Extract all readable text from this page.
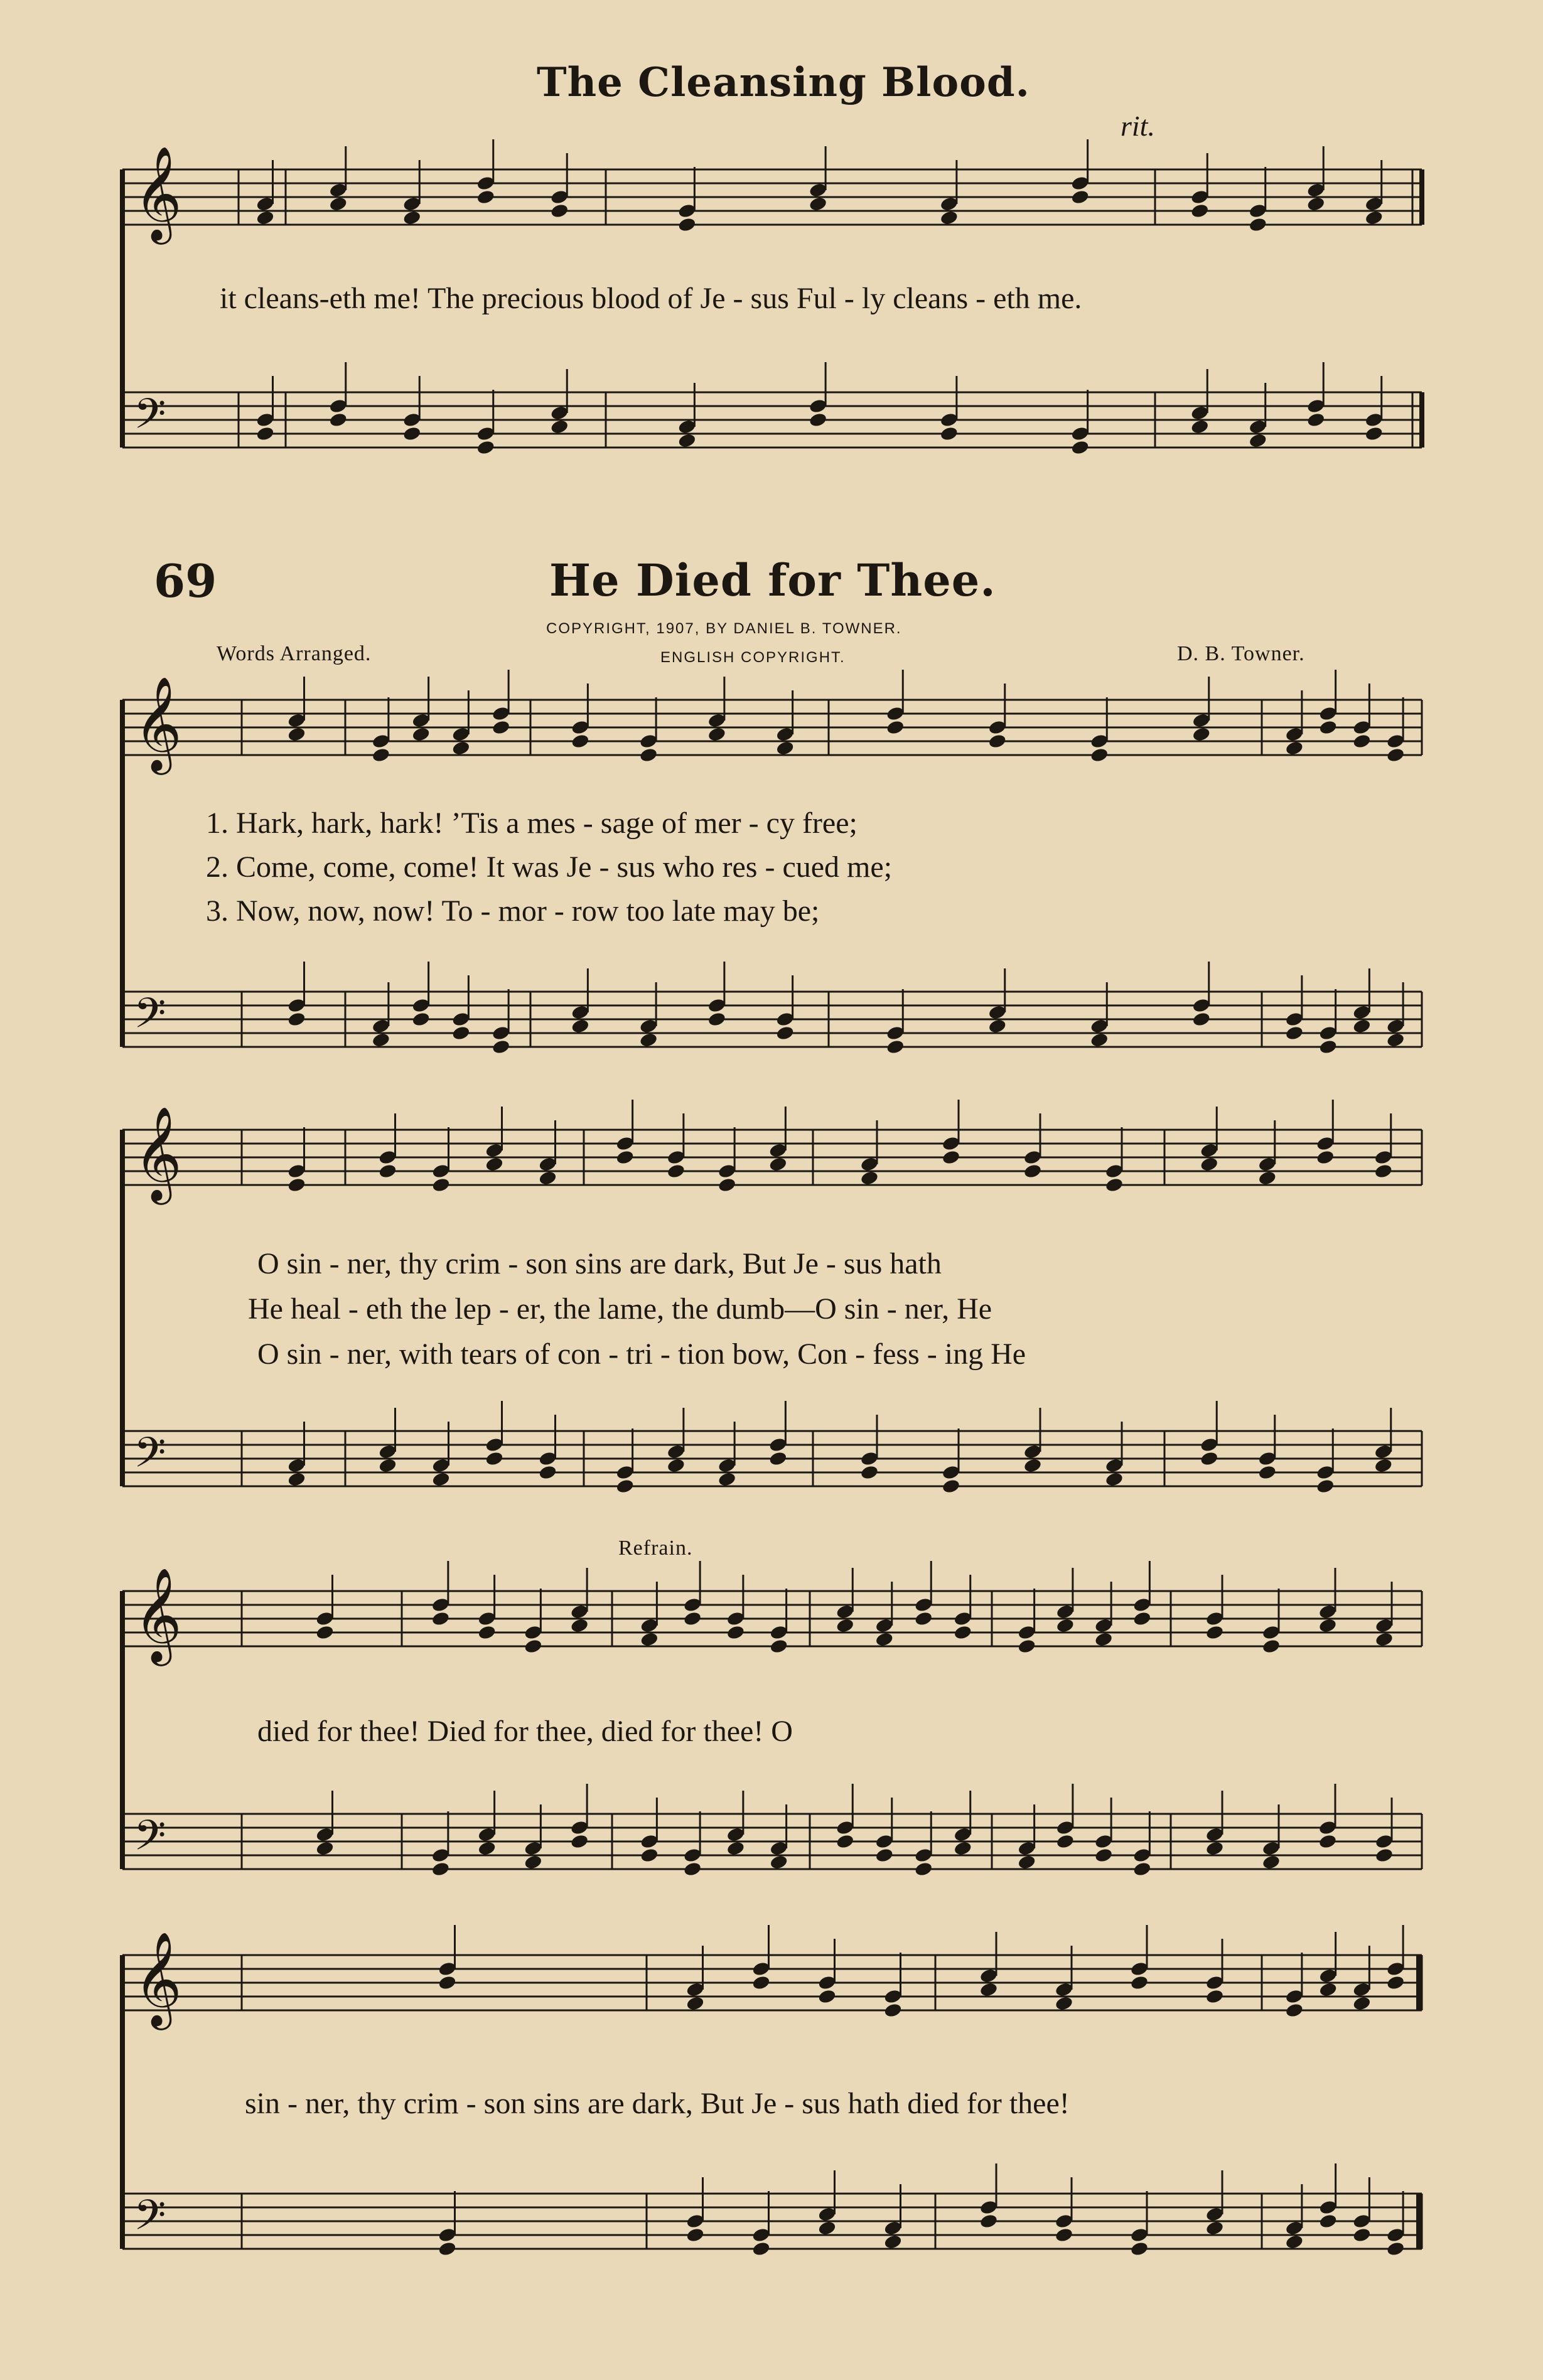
𝄞
𝄢
𝄞
𝄢
𝄞
𝄢
𝄞
𝄢
𝄞
𝄢
The Cleansing Blood.
rit.
it cleans-eth me! The precious blood of Je - sus Ful - ly cleans - eth me.
69	He Died for Thee.
COPYRIGHT, 1907, BY DANIEL B. TOWNER.
Words Arranged.	ENGLISH COPYRIGHT.	D. B. Towner.
1. Hark, hark, hark! ’Tis a mes - sage of mer - cy free;
2. Come, come, come! It was Je - sus who res - cued me;
3. Now, now, now! To - mor - row too late may be;
O sin - ner, thy crim - son sins are dark, But Je - sus hath
He heal - eth the lep - er, the lame, the dumb—O sin - ner, He
O sin - ner, with tears of con - tri - tion bow, Con - fess - ing He
Refrain.
died for thee! Died for thee, died for thee! O
sin - ner, thy crim - son sins are dark, But Je - sus hath died for thee!
